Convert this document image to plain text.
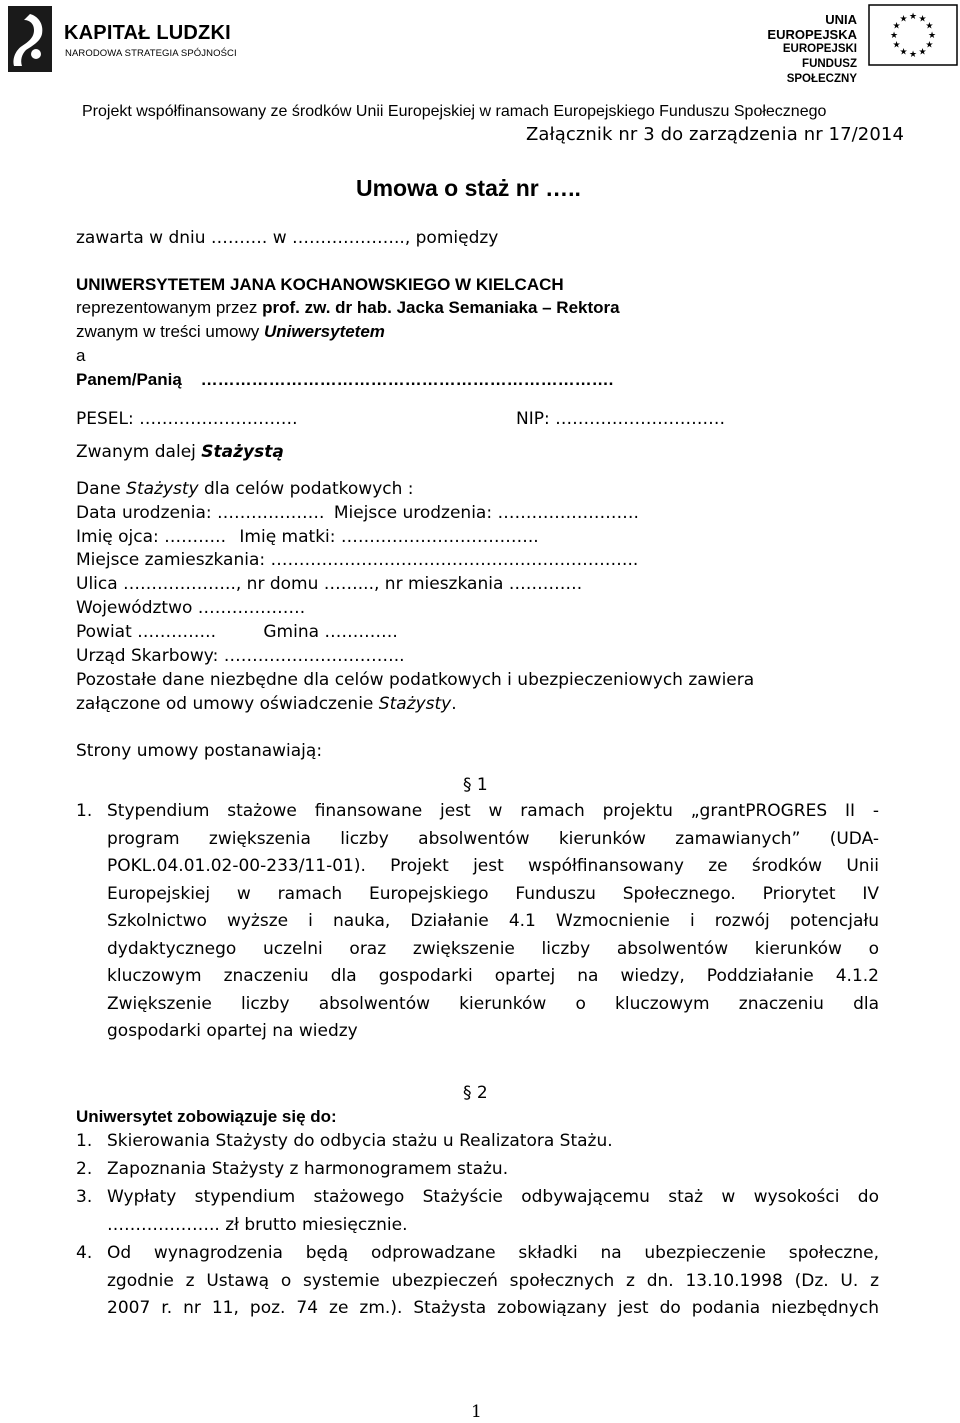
KAPITAŁ LUDZKI
NARODOWA STRATEGIA SPÓJNOŚCI
UNIA EUROPEJSKA
EUROPEJSKI
FUNDUSZ SPOŁECZNY
★
★
★
★
★
★
★
★
★ ★ ★
★
Projekt współfinansowany ze środków Unii Europejskiej w ramach Europejskiego Funduszu Społecznego
Załącznik nr 3 do zarządzenia nr 17/2014
Umowa o staż nr …..
zawarta w dniu ………. w ……………….., pomiędzy
UNIWERSYTETEM JANA KOCHANOWSKIEGO W KIELCACH
reprezentowanym przez prof. zw. dr hab. Jacka Semaniaka – Rektora
zwanym w treści umowy Uniwersytetem
a
Panem/Panią ……………………………………………………………….
PESEL: ……………………….	NIP: …………………………
Zwanym dalej Stażystą
Dane Stażysty dla celów podatkowych :
Data urodzenia: ………………. Miejsce urodzenia: …………………….
Imię ojca: ……….. Imię matki: ……………………………..
Miejsce zamieszkania: ………………………………………………………..
Ulica ……………….., nr domu ……..., nr mieszkania ………….
Województwo ……………….
Powiat ………….. Gmina ………….
Urząd Skarbowy: …………………………..
Pozostałe dane niezbędne dla celów podatkowych i ubezpieczeniowych zawiera
załączone od umowy oświadczenie Stażysty.
Strony umowy postanawiają:
§ 1
1. Stypendium stażowe finansowane jest w ramach projektu „grantPROGRES II -
program zwiększenia liczby absolwentów kierunków zamawianych” (UDA-
POKL.04.01.02-00-233/11-01). Projekt jest współfinansowany ze środków Unii
Europejskiej w ramach Europejskiego Funduszu Społecznego. Priorytet IV
Szkolnictwo wyższe i nauka, Działanie 4.1 Wzmocnienie i rozwój potencjału
dydaktycznego uczelni oraz zwiększenie liczby absolwentów kierunków o
kluczowym znaczeniu dla gospodarki opartej na wiedzy, Poddziałanie 4.1.2
Zwiększenie liczby absolwentów kierunków o kluczowym znaczeniu dla
gospodarki opartej na wiedzy
§ 2
Uniwersytet zobowiązuje się do:
1. Skierowania Stażysty do odbycia stażu u Realizatora Stażu.
2. Zapoznania Stażysty z harmonogramem stażu.
3. Wypłaty stypendium stażowego Stażyście odbywającemu staż w wysokości do
……………….. zł brutto miesięcznie.
4. Od wynagrodzenia będą odprowadzane składki na ubezpieczenie społeczne,
zgodnie z Ustawą o systemie ubezpieczeń społecznych z dn. 13.10.1998 (Dz. U. z
2007 r. nr 11, poz. 74 ze zm.). Stażysta zobowiązany jest do podania niezbędnych
1
